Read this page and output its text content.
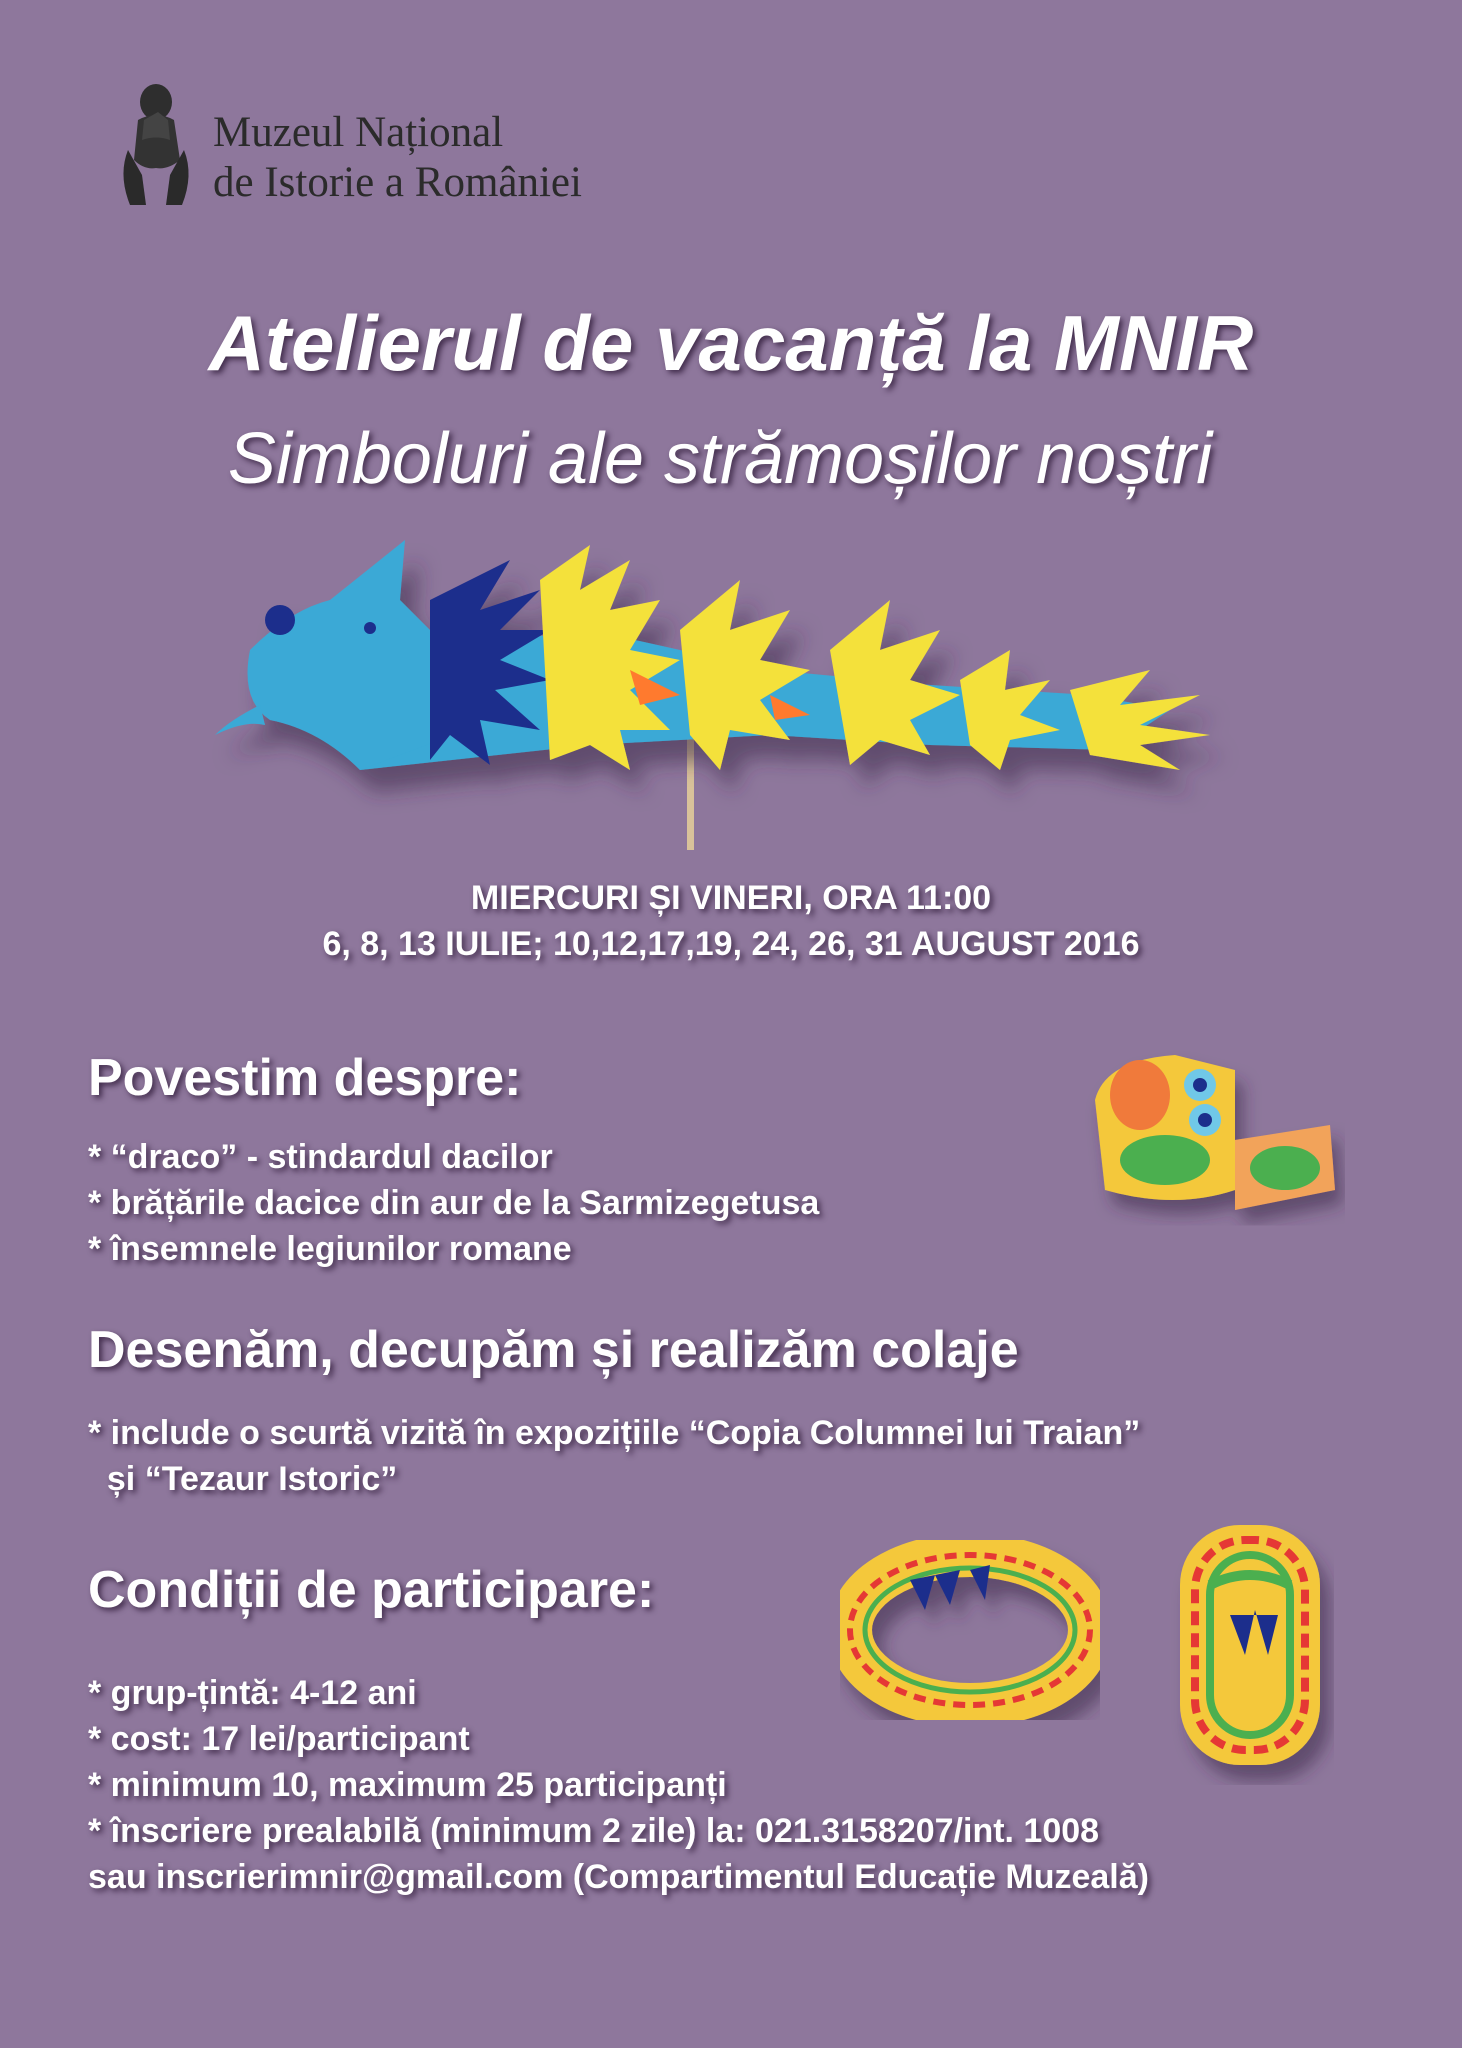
Muzeul Național
de Istorie a României
Atelierul de vacanță la MNIR
Simboluri ale strămoșilor noștri
MIERCURI ȘI VINERI, ORA 11:00
6, 8, 13 IULIE; 10,12,17,19, 24, 26, 31 AUGUST 2016
Povestim despre:
* “draco” - stindardul dacilor
* brățările dacice din aur de la Sarmizegetusa
* însemnele legiunilor romane
Desenăm, decupăm și realizăm colaje
* include o scurtă vizită în expozițiile “Copia Columnei lui Traian”
și “Tezaur Istoric”
Condiții de participare:
* grup-țintă: 4-12 ani
* cost: 17 lei/participant
* minimum 10, maximum 25 participanți
* înscriere prealabilă (minimum 2 zile) la: 021.3158207/int. 1008
sau inscrierimnir@gmail.com (Compartimentul Educație Muzeală)
